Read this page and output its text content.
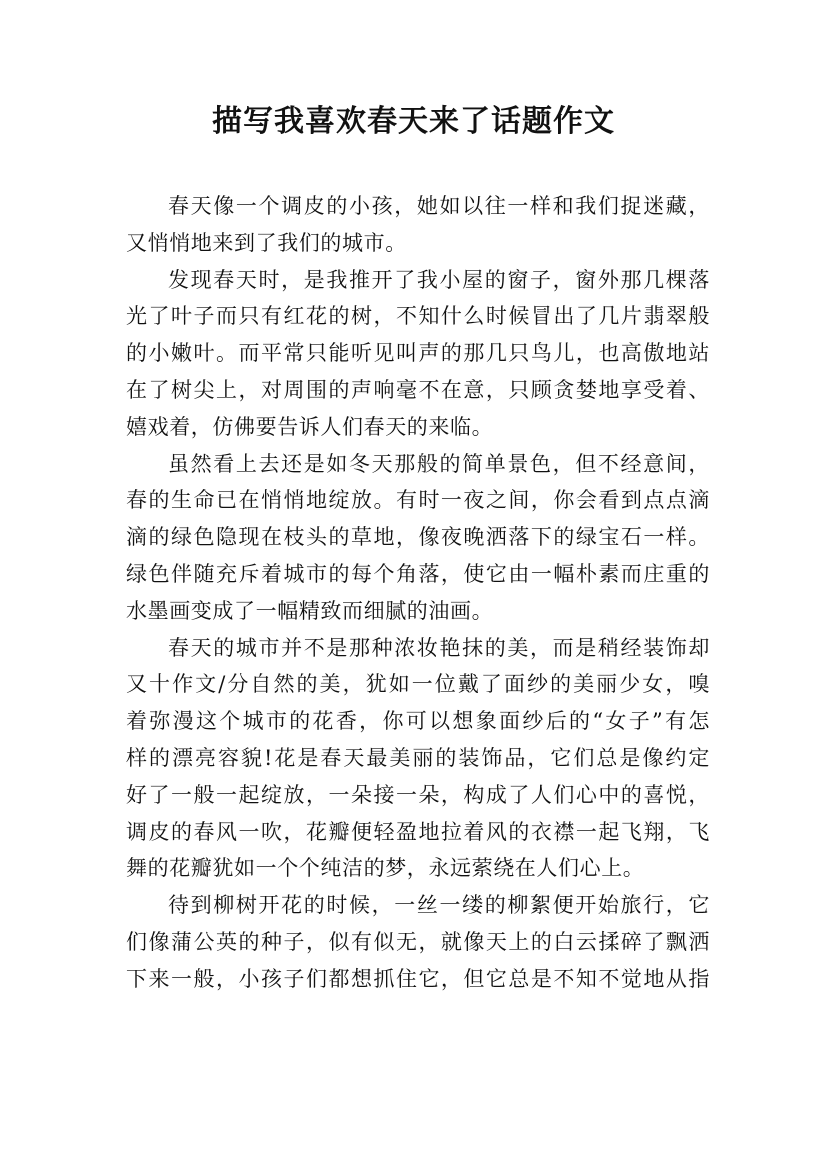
描写我喜欢春天来了话题作文
春天像一个调皮的小孩，她如以往一样和我们捉迷藏，
又悄悄地来到了我们的城市。
发现春天时，是我推开了我小屋的窗子，窗外那几棵落
光了叶子而只有红花的树，不知什么时候冒出了几片翡翠般
的小嫩叶。而平常只能听见叫声的那几只鸟儿，也高傲地站
在了树尖上，对周围的声响毫不在意，只顾贪婪地享受着、
嬉戏着，仿佛要告诉人们春天的来临。
虽然看上去还是如冬天那般的简单景色，但不经意间，
春的生命已在悄悄地绽放。有时一夜之间，你会看到点点滴
滴的绿色隐现在枝头的草地，像夜晚洒落下的绿宝石一样。
绿色伴随充斥着城市的每个角落，使它由一幅朴素而庄重的
水墨画变成了一幅精致而细腻的油画。
春天的城市并不是那种浓妆艳抹的美，而是稍经装饰却
又十作文/分自然的美，犹如一位戴了面纱的美丽少女，嗅
着弥漫这个城市的花香，你可以想象面纱后的“女子”有怎
样的漂亮容貌!花是春天最美丽的装饰品，它们总是像约定
好了一般一起绽放，一朵接一朵，构成了人们心中的喜悦，
调皮的春风一吹，花瓣便轻盈地拉着风的衣襟一起飞翔，飞
舞的花瓣犹如一个个纯洁的梦，永远萦绕在人们心上。
待到柳树开花的时候，一丝一缕的柳絮便开始旅行，它
们像蒲公英的种子，似有似无，就像天上的白云揉碎了飘洒
下来一般，小孩子们都想抓住它，但它总是不知不觉地从指
